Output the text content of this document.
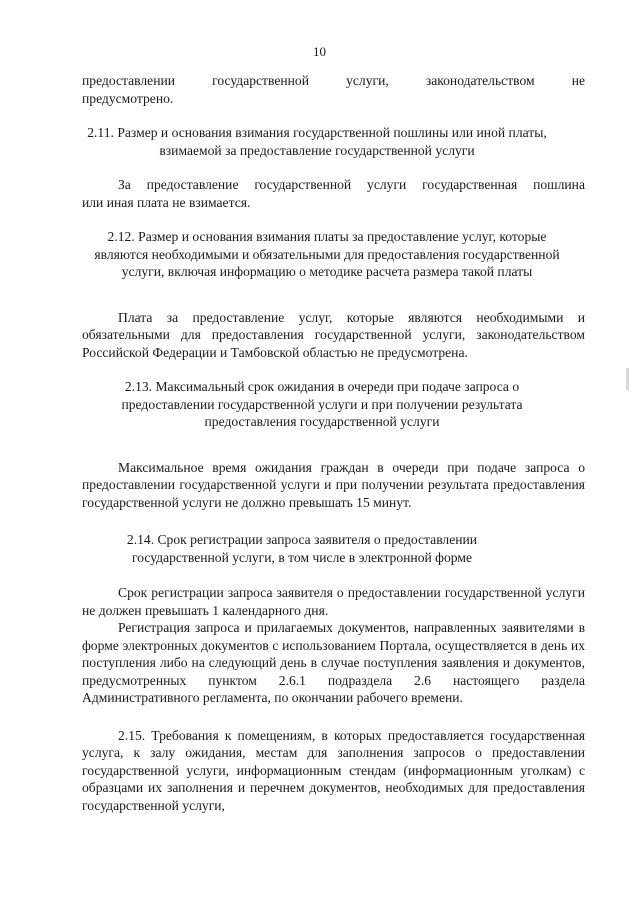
10

предоставлении государственной услуги, законодательством не

предусмотрено.

2.11. Размер и основания взимания государственной пошлины или иной платы, взимаемой за предоставление государственной услуги

За предоставление государственной услуги государственная пошлина

или иная плата не взимается.

2.12. Размер и основания взимания платы за предоставление услуг, которые являются необходимыми и обязательными для предоставления государственной услуги, включая информацию о методике расчета размера такой платы

Плата за предоставление услуг, которые являются необходимыми и обязательными для предоставления государственной услуги, законодательством Российской Федерации и Тамбовской областью не предусмотрена.

2.13. Максимальный срок ожидания в очереди при подаче запроса о предоставлении государственной услуги и при получении результата предоставления государственной услуги

Максимальное время ожидания граждан в очереди при подаче запроса о предоставлении государственной услуги и при получении результата предоставления государственной услуги не должно превышать 15 минут.

2.14. Срок регистрации запроса заявителя о предоставлении государственной услуги, в том числе в электронной форме

Срок регистрации запроса заявителя о предоставлении государственной услуги не должен превышать 1 календарного дня.

Регистрация запроса и прилагаемых документов, направленных заявителями в форме электронных документов с использованием Портала, осуществляется в день их поступления либо на следующий день в случае поступления заявления и документов, предусмотренных пунктом 2.6.1 подраздела 2.6 настоящего раздела Административного регламента, по окончании рабочего времени.

2.15. Требования к помещениям, в которых предоставляется государственная услуга, к залу ожидания, местам для заполнения запросов о предоставлении государственной услуги, информационным стендам (информационным уголкам) с образцами их заполнения и перечнем документов, необходимых для предоставления государственной услуги,
